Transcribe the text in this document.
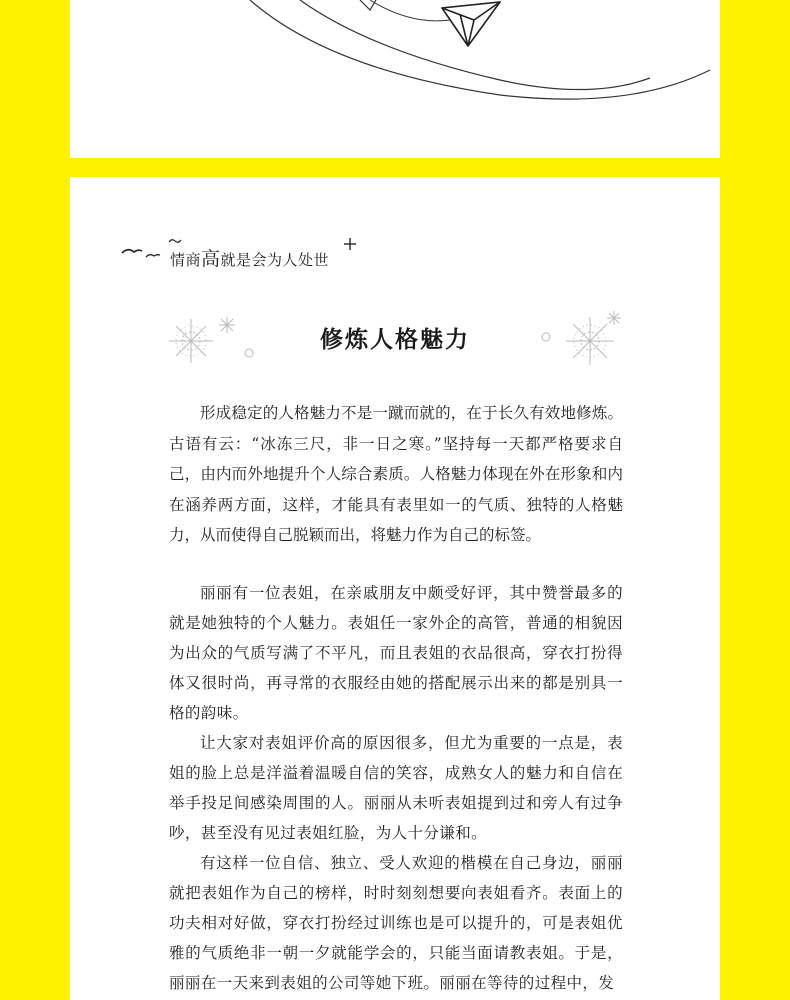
情商高就是会为人处世
修炼人格魅力

形成稳定的人格魅力不是一蹴而就的，在于长久有效地修炼。古语有云：“冰冻三尺，非一日之寒。”坚持每一天都严格要求自己，由内而外地提升个人综合素质。人格魅力体现在外在形象和内在涵养两方面，这样，才能具有表里如一的气质、独特的人格魅力，从而使得自己脱颖而出，将魅力作为自己的标签。

丽丽有一位表姐，在亲戚朋友中颇受好评，其中赞誉最多的就是她独特的个人魅力。表姐任一家外企的高管，普通的相貌因为出众的气质写满了不平凡，而且表姐的衣品很高，穿衣打扮得体又很时尚，再寻常的衣服经由她的搭配展示出来的都是别具一格的韵味。

让大家对表姐评价高的原因很多，但尤为重要的一点是，表姐的脸上总是洋溢着温暖自信的笑容，成熟女人的魅力和自信在举手投足间感染周围的人。丽丽从未听表姐提到过和旁人有过争吵，甚至没有见过表姐红脸，为人十分谦和。

有这样一位自信、独立、受人欢迎的楷模在自己身边，丽丽就把表姐作为自己的榜样，时时刻刻想要向表姐看齐。表面上的功夫相对好做，穿衣打扮经过训练也是可以提升的，可是表姐优雅的气质绝非一朝一夕就能学会的，只能当面请教表姐。于是，丽丽在一天来到表姐的公司等她下班。丽丽在等待的过程中，发
